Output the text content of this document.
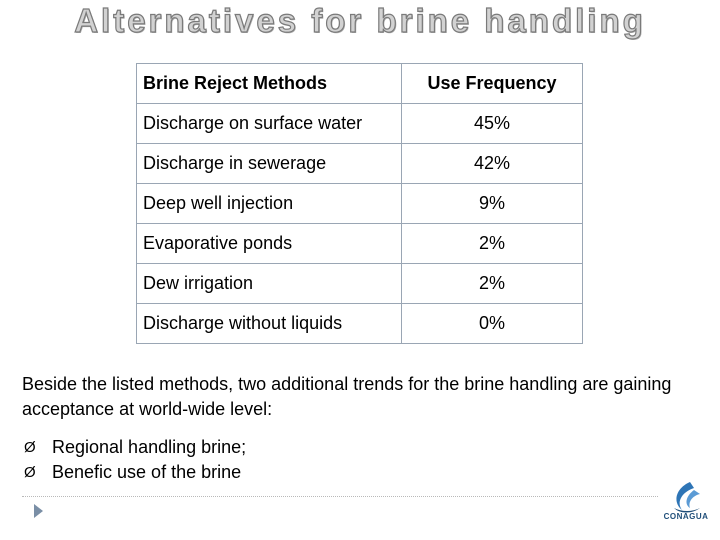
Alternatives for brine handling
Brine Reject Methods	Use Frequency
Discharge on surface water	45%
Discharge in sewerage	42%
Deep well injection	9%
Evaporative ponds	2%
Dew irrigation	2%
Discharge without liquids	0%
Beside the listed methods, two additional trends for the brine handling are gaining acceptance at world-wide level:
Ø Regional handling brine;
Ø Benefic use of the brine
CONAGUA
